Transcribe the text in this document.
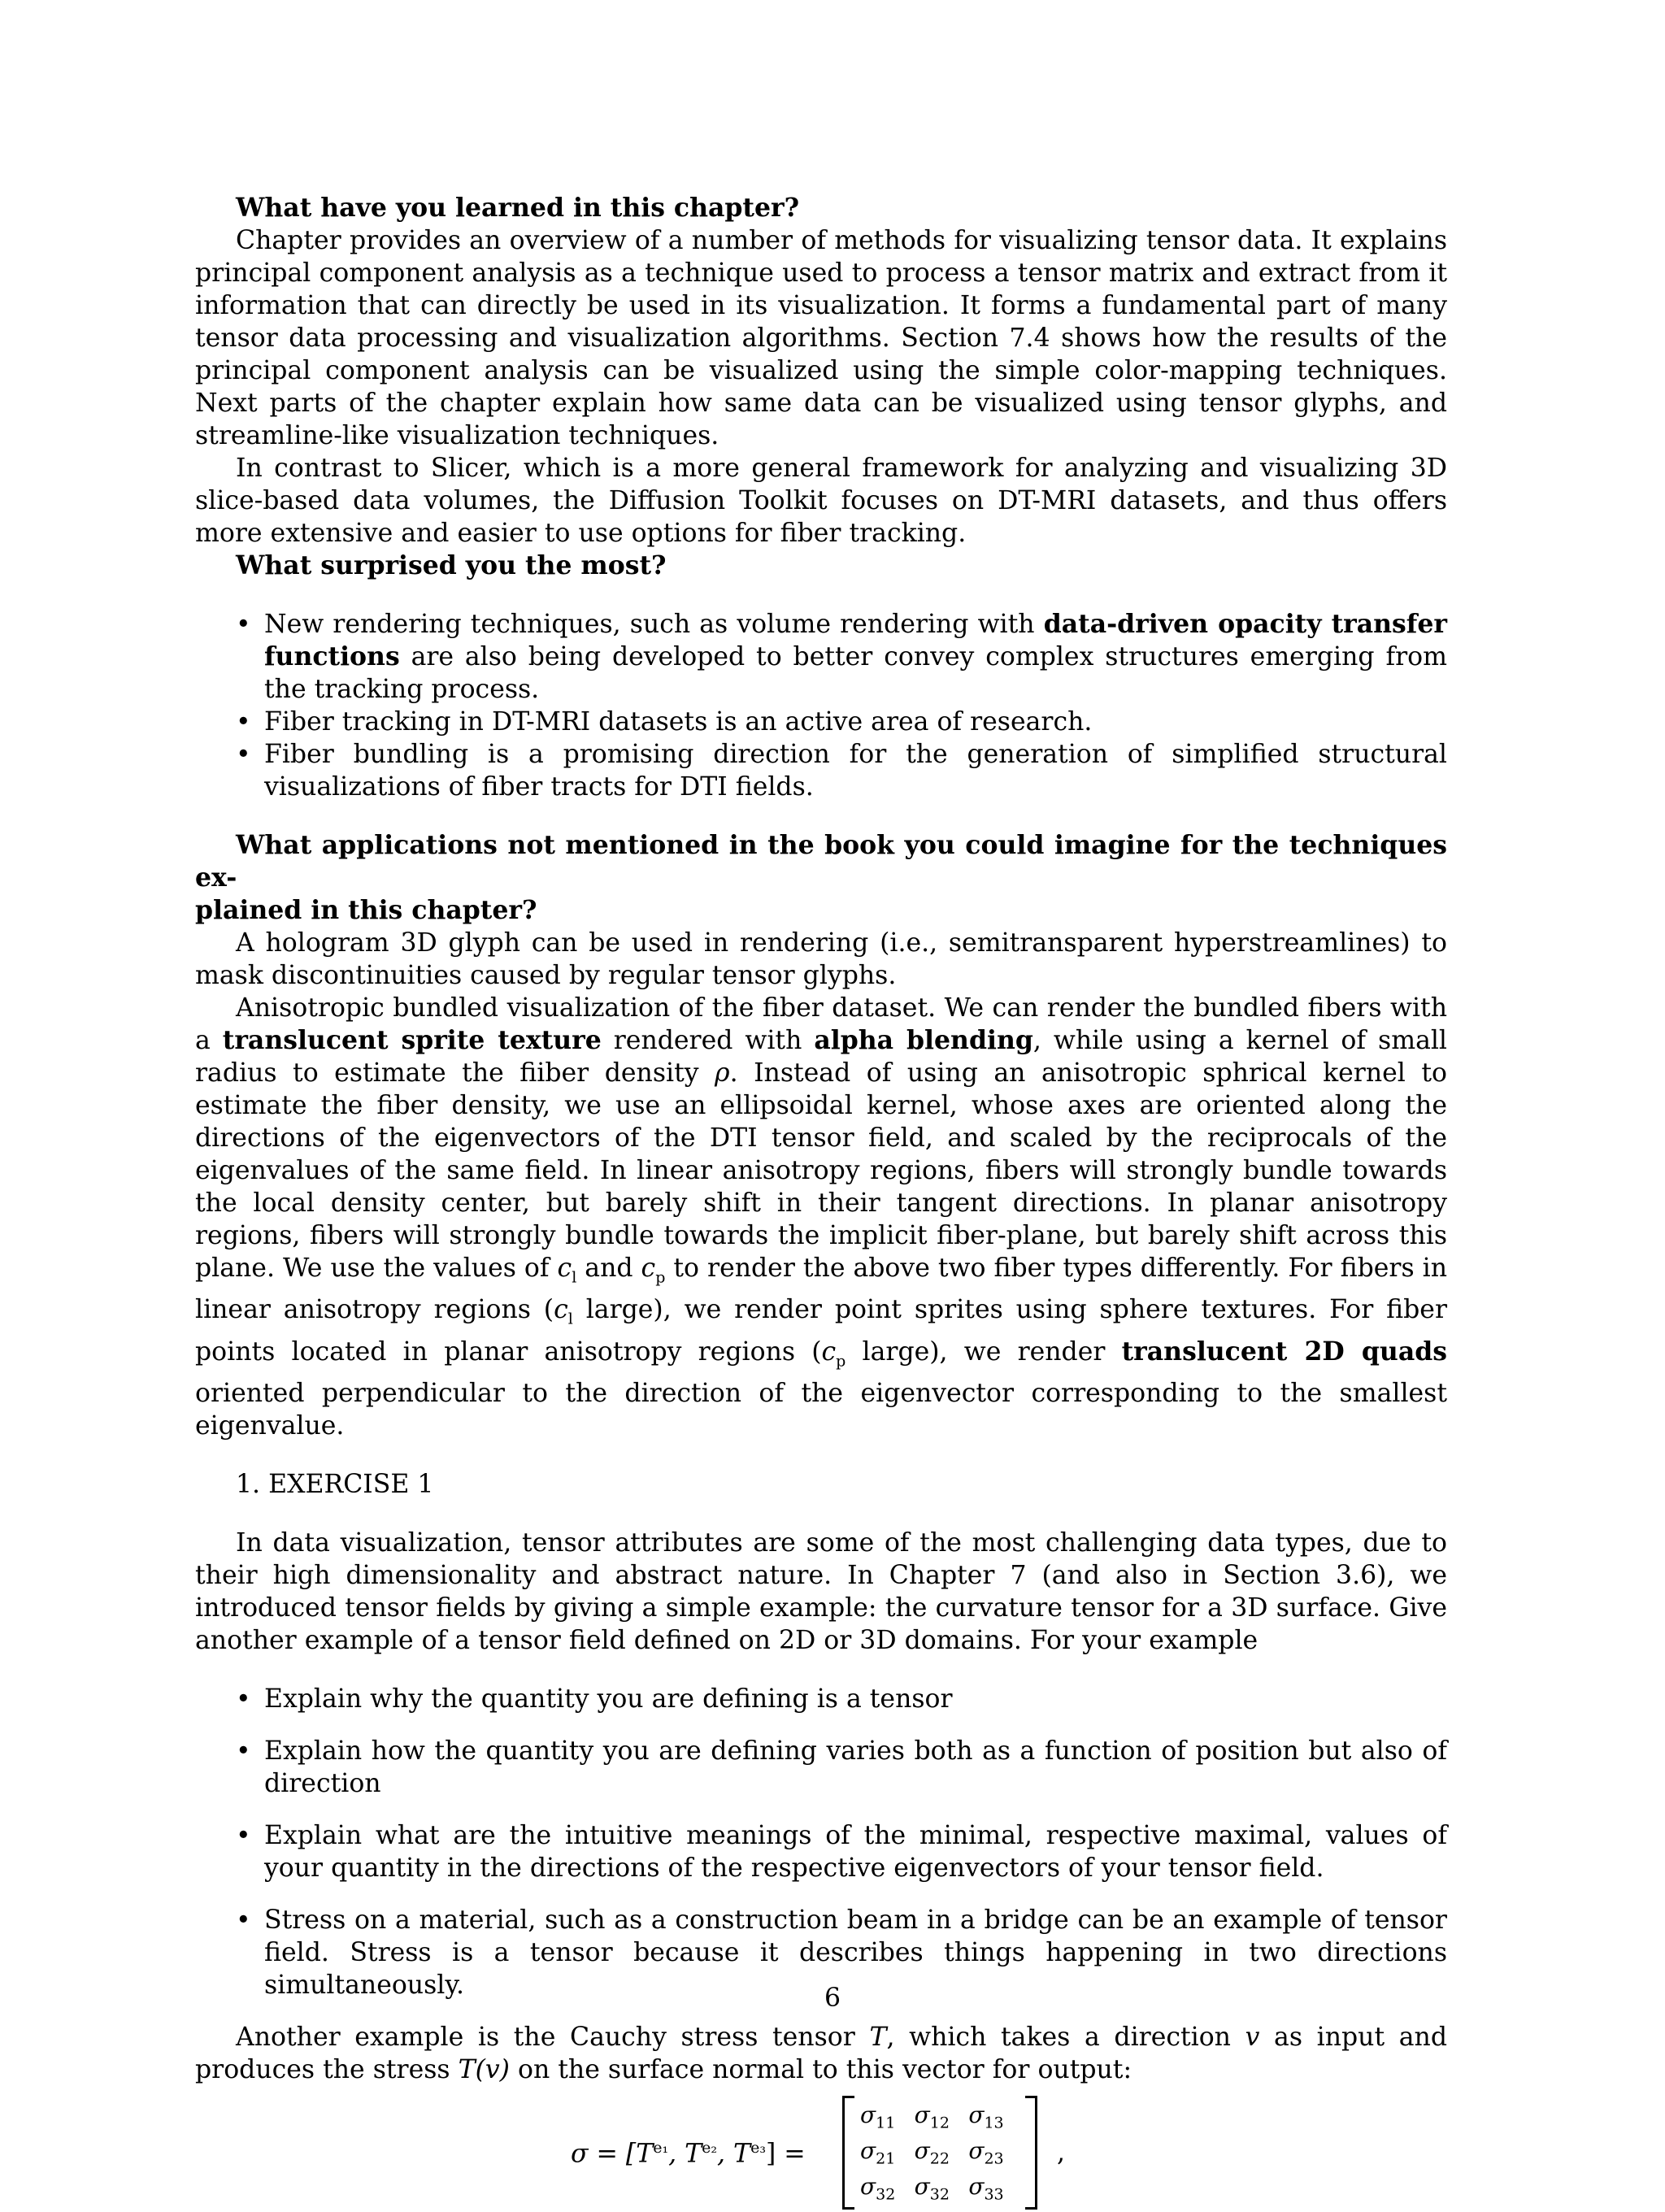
What have you learned in this chapter?

Chapter provides an overview of a number of methods for visualizing tensor data. It explains principal component analysis as a technique used to process a tensor matrix and extract from it information that can directly be used in its visualization. It forms a fundamental part of many tensor data processing and visualization algorithms. Section 7.4 shows how the results of the principal component analysis can be visualized using the simple color-mapping techniques. Next parts of the chapter explain how same data can be visualized using tensor glyphs, and streamline-like visualization techniques.

In contrast to Slicer, which is a more general framework for analyzing and visualizing 3D slice-based data volumes, the Diffusion Toolkit focuses on DT-MRI datasets, and thus offers more extensive and easier to use options for fiber tracking.

What surprised you the most?

• New rendering techniques, such as volume rendering with data-driven opacity transfer functions are also being developed to better convey complex structures emerging from the tracking process.
• Fiber tracking in DT-MRI datasets is an active area of research.
• Fiber bundling is a promising direction for the generation of simplified structural visualizations of fiber tracts for DTI fields.

What applications not mentioned in the book you could imagine for the techniques ex-

plained in this chapter?

A hologram 3D glyph can be used in rendering (i.e., semitransparent hyperstreamlines) to mask discontinuities caused by regular tensor glyphs.

Anisotropic bundled visualization of the fiber dataset. We can render the bundled fibers with a translucent sprite texture rendered with alpha blending, while using a kernel of small radius to estimate the fiiber density ρ. Instead of using an anisotropic sphrical kernel to estimate the fiber density, we use an ellipsoidal kernel, whose axes are oriented along the directions of the eigenvectors of the DTI tensor field, and scaled by the reciprocals of the eigenvalues of the same field. In linear anisotropy regions, fibers will strongly bundle towards the local density center, but barely shift in their tangent directions. In planar anisotropy regions, fibers will strongly bundle towards the implicit fiber-plane, but barely shift across this plane. We use the values of $c_l$ and $c_p$ to render the above two fiber types differently. For fibers in linear anisotropy regions ($c_l$ large), we render point sprites using sphere textures. For fiber points located in planar anisotropy regions ($c_p$ large), we render translucent 2D quads oriented perpendicular to the direction of the eigenvector corresponding to the smallest eigenvalue.

1. EXERCISE 1

In data visualization, tensor attributes are some of the most challenging data types, due to their high dimensionality and abstract nature. In Chapter 7 (and also in Section 3.6), we introduced tensor fields by giving a simple example: the curvature tensor for a 3D surface. Give another example of a tensor field defined on 2D or 3D domains. For your example

• Explain why the quantity you are defining is a tensor
• Explain how the quantity you are defining varies both as a function of position but also of direction
• Explain what are the intuitive meanings of the minimal, respective maximal, values of your quantity in the directions of the respective eigenvectors of your tensor field.
• Stress on a material, such as a construction beam in a bridge can be an example of tensor field. Stress is a tensor because it describes things happening in two directions simultaneously.

Another example is the Cauchy stress tensor T, which takes a direction v as input and produces the stress T(v) on the surface normal to this vector for output:

$\sigma = [T^{e_1}$, $T^{e_2}$, $T^{e_3}$] =
$\sigma_{11}$ $\sigma_{12}$ $\sigma_{13}$
$\sigma_{21}$ $\sigma_{22}$ $\sigma_{23}$
$\sigma_{32}$ $\sigma_{32}$ $\sigma_{33}$
,
6
